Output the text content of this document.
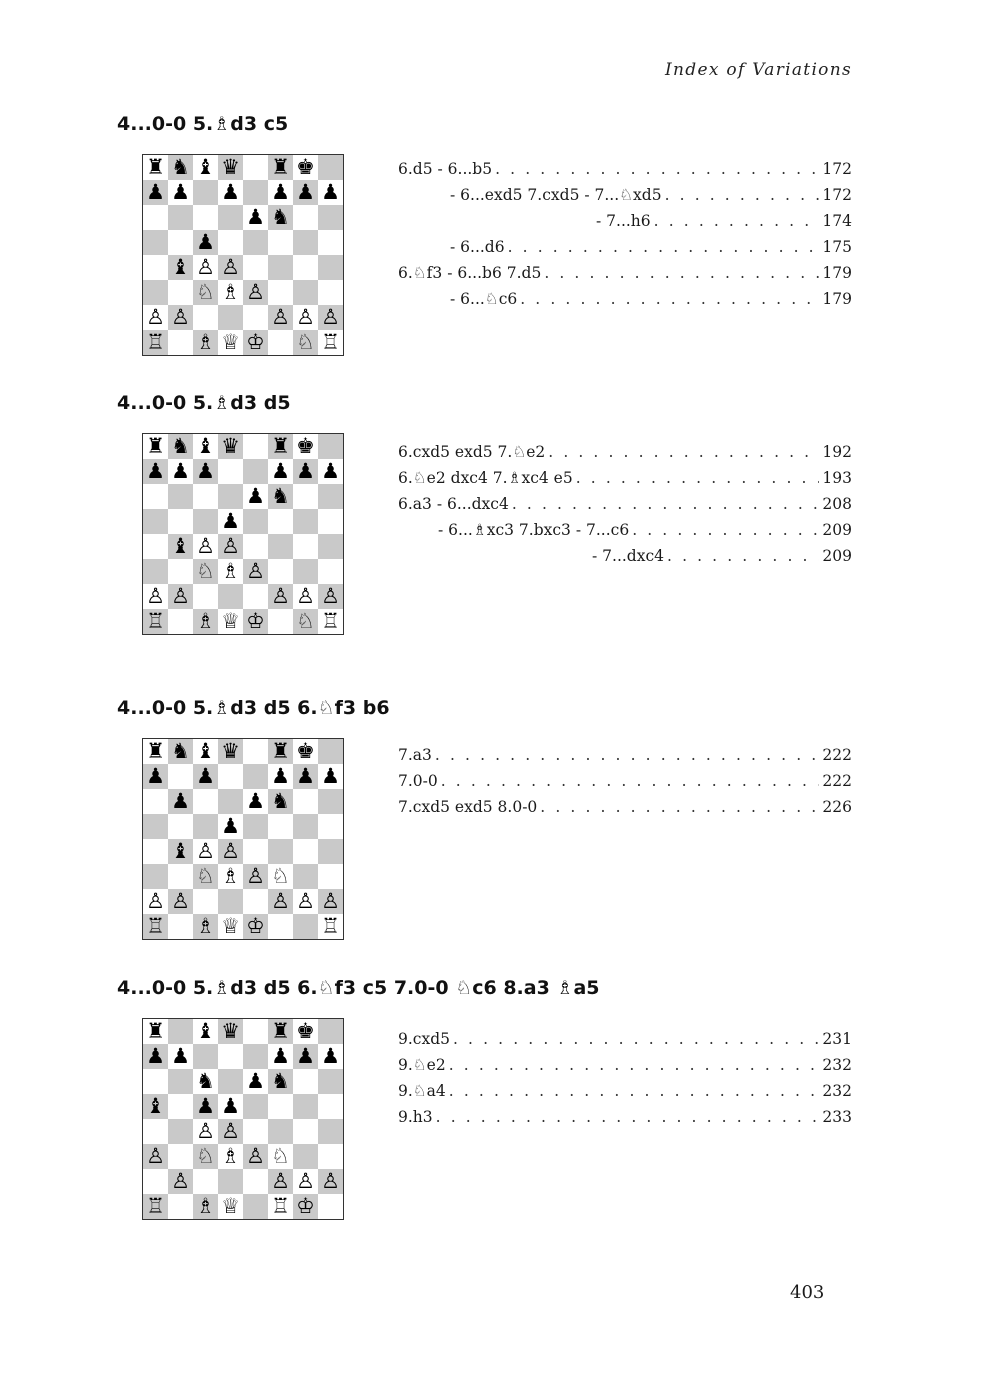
Index of Variations
4...0-0 5.♗d3 c5
♜ ♞ ♝ ♛ ♜ ♚
♟ ♟ ♟ ♟ ♟ ♟
♟ ♞
♟
♝ ♙ ♙
♘ ♗ ♙
♙ ♙	♙ ♙ ♙
♖ ♗ ♕ ♔ ♘ ♖
6.d5 - 6...b5 . . .	172
- 6...exd5 7.cxd5 - 7...♘xd5 . . .	172
- 7...h6 . . .	174
- 6...d6 . . .	175
6.♘f3 - 6...b6 7.d5 . . .	179
- 6...♘c6 . . .	179
4...0-0 5.♗d3 d5
♜ ♞ ♝ ♛ ♜ ♚
♟ ♟ ♟	♟ ♟ ♟
♟ ♞
♟
♝ ♙ ♙
♘ ♗ ♙
♙ ♙	♙ ♙ ♙
♖ ♗ ♕ ♔ ♘ ♖
6.cxd5 exd5 7.♘e2 . . .	192
6.♘e2 dxc4 7.♗xc4 e5 . . .	193
6.a3 - 6...dxc4 . . .	208
- 6...♗xc3 7.bxc3 - 7...c6 . . .	209
- 7...dxc4 . . .	209
4...0-0 5.♗d3 d5 6.♘f3 b6
♜ ♞ ♝ ♛ ♜ ♚
♟ ♟	♟ ♟ ♟
♟	♟ ♞
♟
♝ ♙ ♙
♘ ♗ ♙ ♘
♙ ♙	♙ ♙ ♙
♖ ♗ ♕ ♔	♖
7.a3 . . .	222
7.0-0 . . .	222
7.cxd5 exd5 8.0-0 . . .	226
4...0-0 5.♗d3 d5 6.♘f3 c5 7.0-0 ♘c6 8.a3 ♗a5
♜ ♝ ♛ ♜ ♚
♟ ♟	♟ ♟ ♟
♞ ♟ ♞
♝ ♟ ♟
♙ ♙
♙ ♘ ♗ ♙ ♘
♙	♙ ♙ ♙
♖ ♗ ♕ ♖ ♔
9.cxd5 . . .	231
9.♘e2 . . .	232
9.♘a4 . . .	232
9.h3 . . .	233
403
